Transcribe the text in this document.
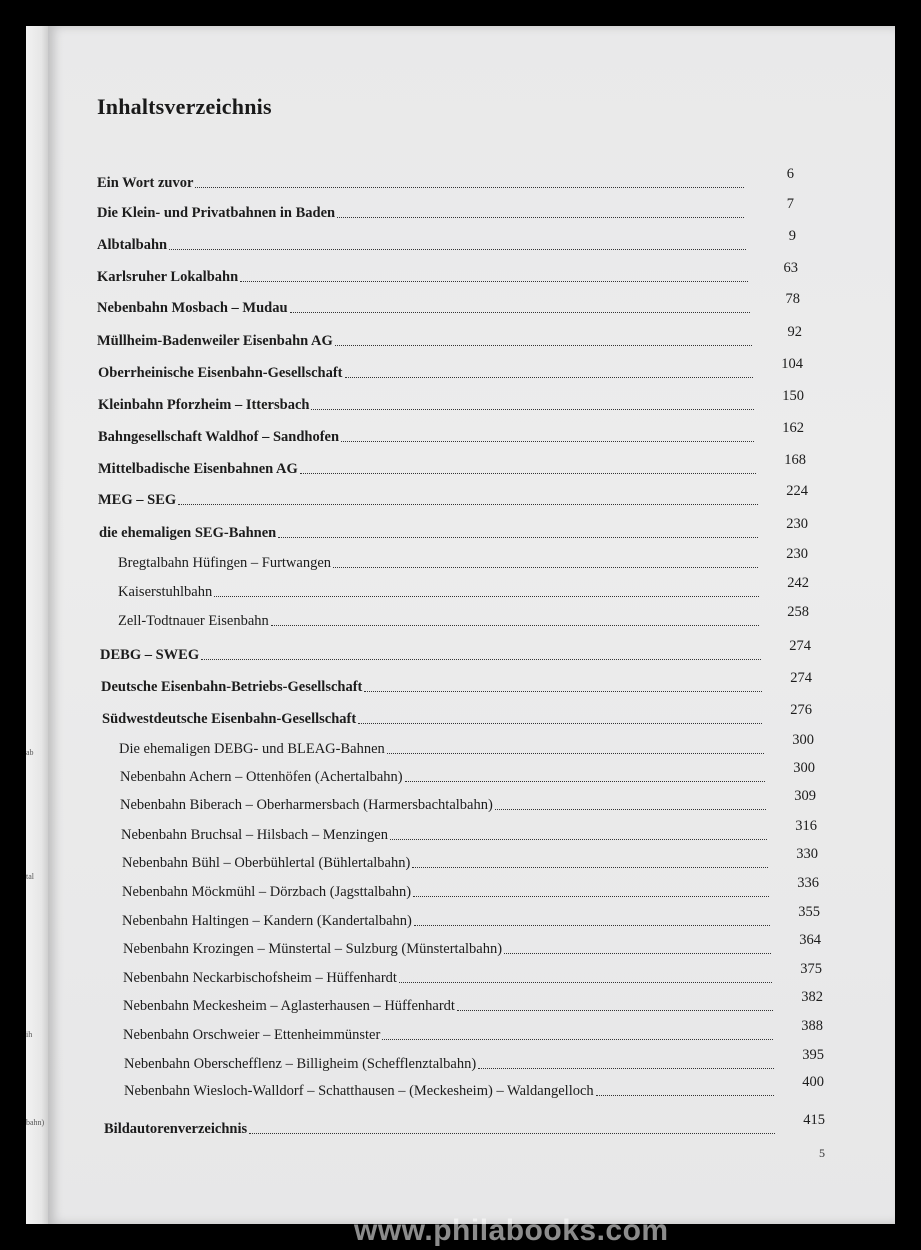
ab
tal
ih
bahn)
Inhaltsverzeichnis
Ein Wort zuvor
6
Die Klein- und Privatbahnen in Baden
7
Albtalbahn
9
Karlsruher Lokalbahn
63
Nebenbahn Mosbach – Mudau
78
Müllheim-Badenweiler Eisenbahn AG
92
Oberrheinische Eisenbahn-Gesellschaft
104
Kleinbahn Pforzheim – Ittersbach
150
Bahngesellschaft Waldhof – Sandhofen
162
Mittelbadische Eisenbahnen AG
168
MEG – SEG
224
die ehemaligen SEG-Bahnen
230
Bregtalbahn Hüfingen – Furtwangen
230
Kaiserstuhlbahn
242
Zell-Todtnauer Eisenbahn
258
DEBG – SWEG
274
Deutsche Eisenbahn-Betriebs-Gesellschaft
274
Südwestdeutsche Eisenbahn-Gesellschaft
276
Die ehemaligen DEBG- und BLEAG-Bahnen
300
Nebenbahn Achern – Ottenhöfen (Achertalbahn)
300
Nebenbahn Biberach – Oberharmersbach (Harmersbachtalbahn)
309
Nebenbahn Bruchsal – Hilsbach – Menzingen
316
Nebenbahn Bühl – Oberbühlertal (Bühlertalbahn)
330
Nebenbahn Möckmühl – Dörzbach (Jagsttalbahn)
336
Nebenbahn Haltingen – Kandern (Kandertalbahn)
355
Nebenbahn Krozingen – Münstertal – Sulzburg (Münstertalbahn)
364
Nebenbahn Neckarbischofsheim – Hüffenhardt
375
Nebenbahn Meckesheim – Aglasterhausen – Hüffenhardt
382
Nebenbahn Orschweier – Ettenheimmünster
388
Nebenbahn Oberschefflenz – Billigheim (Schefflenztalbahn)
395
Nebenbahn Wiesloch-Walldorf – Schatthausen – (Meckesheim) – Waldangelloch
400
Bildautorenverzeichnis
415
5
www.philabooks.com
